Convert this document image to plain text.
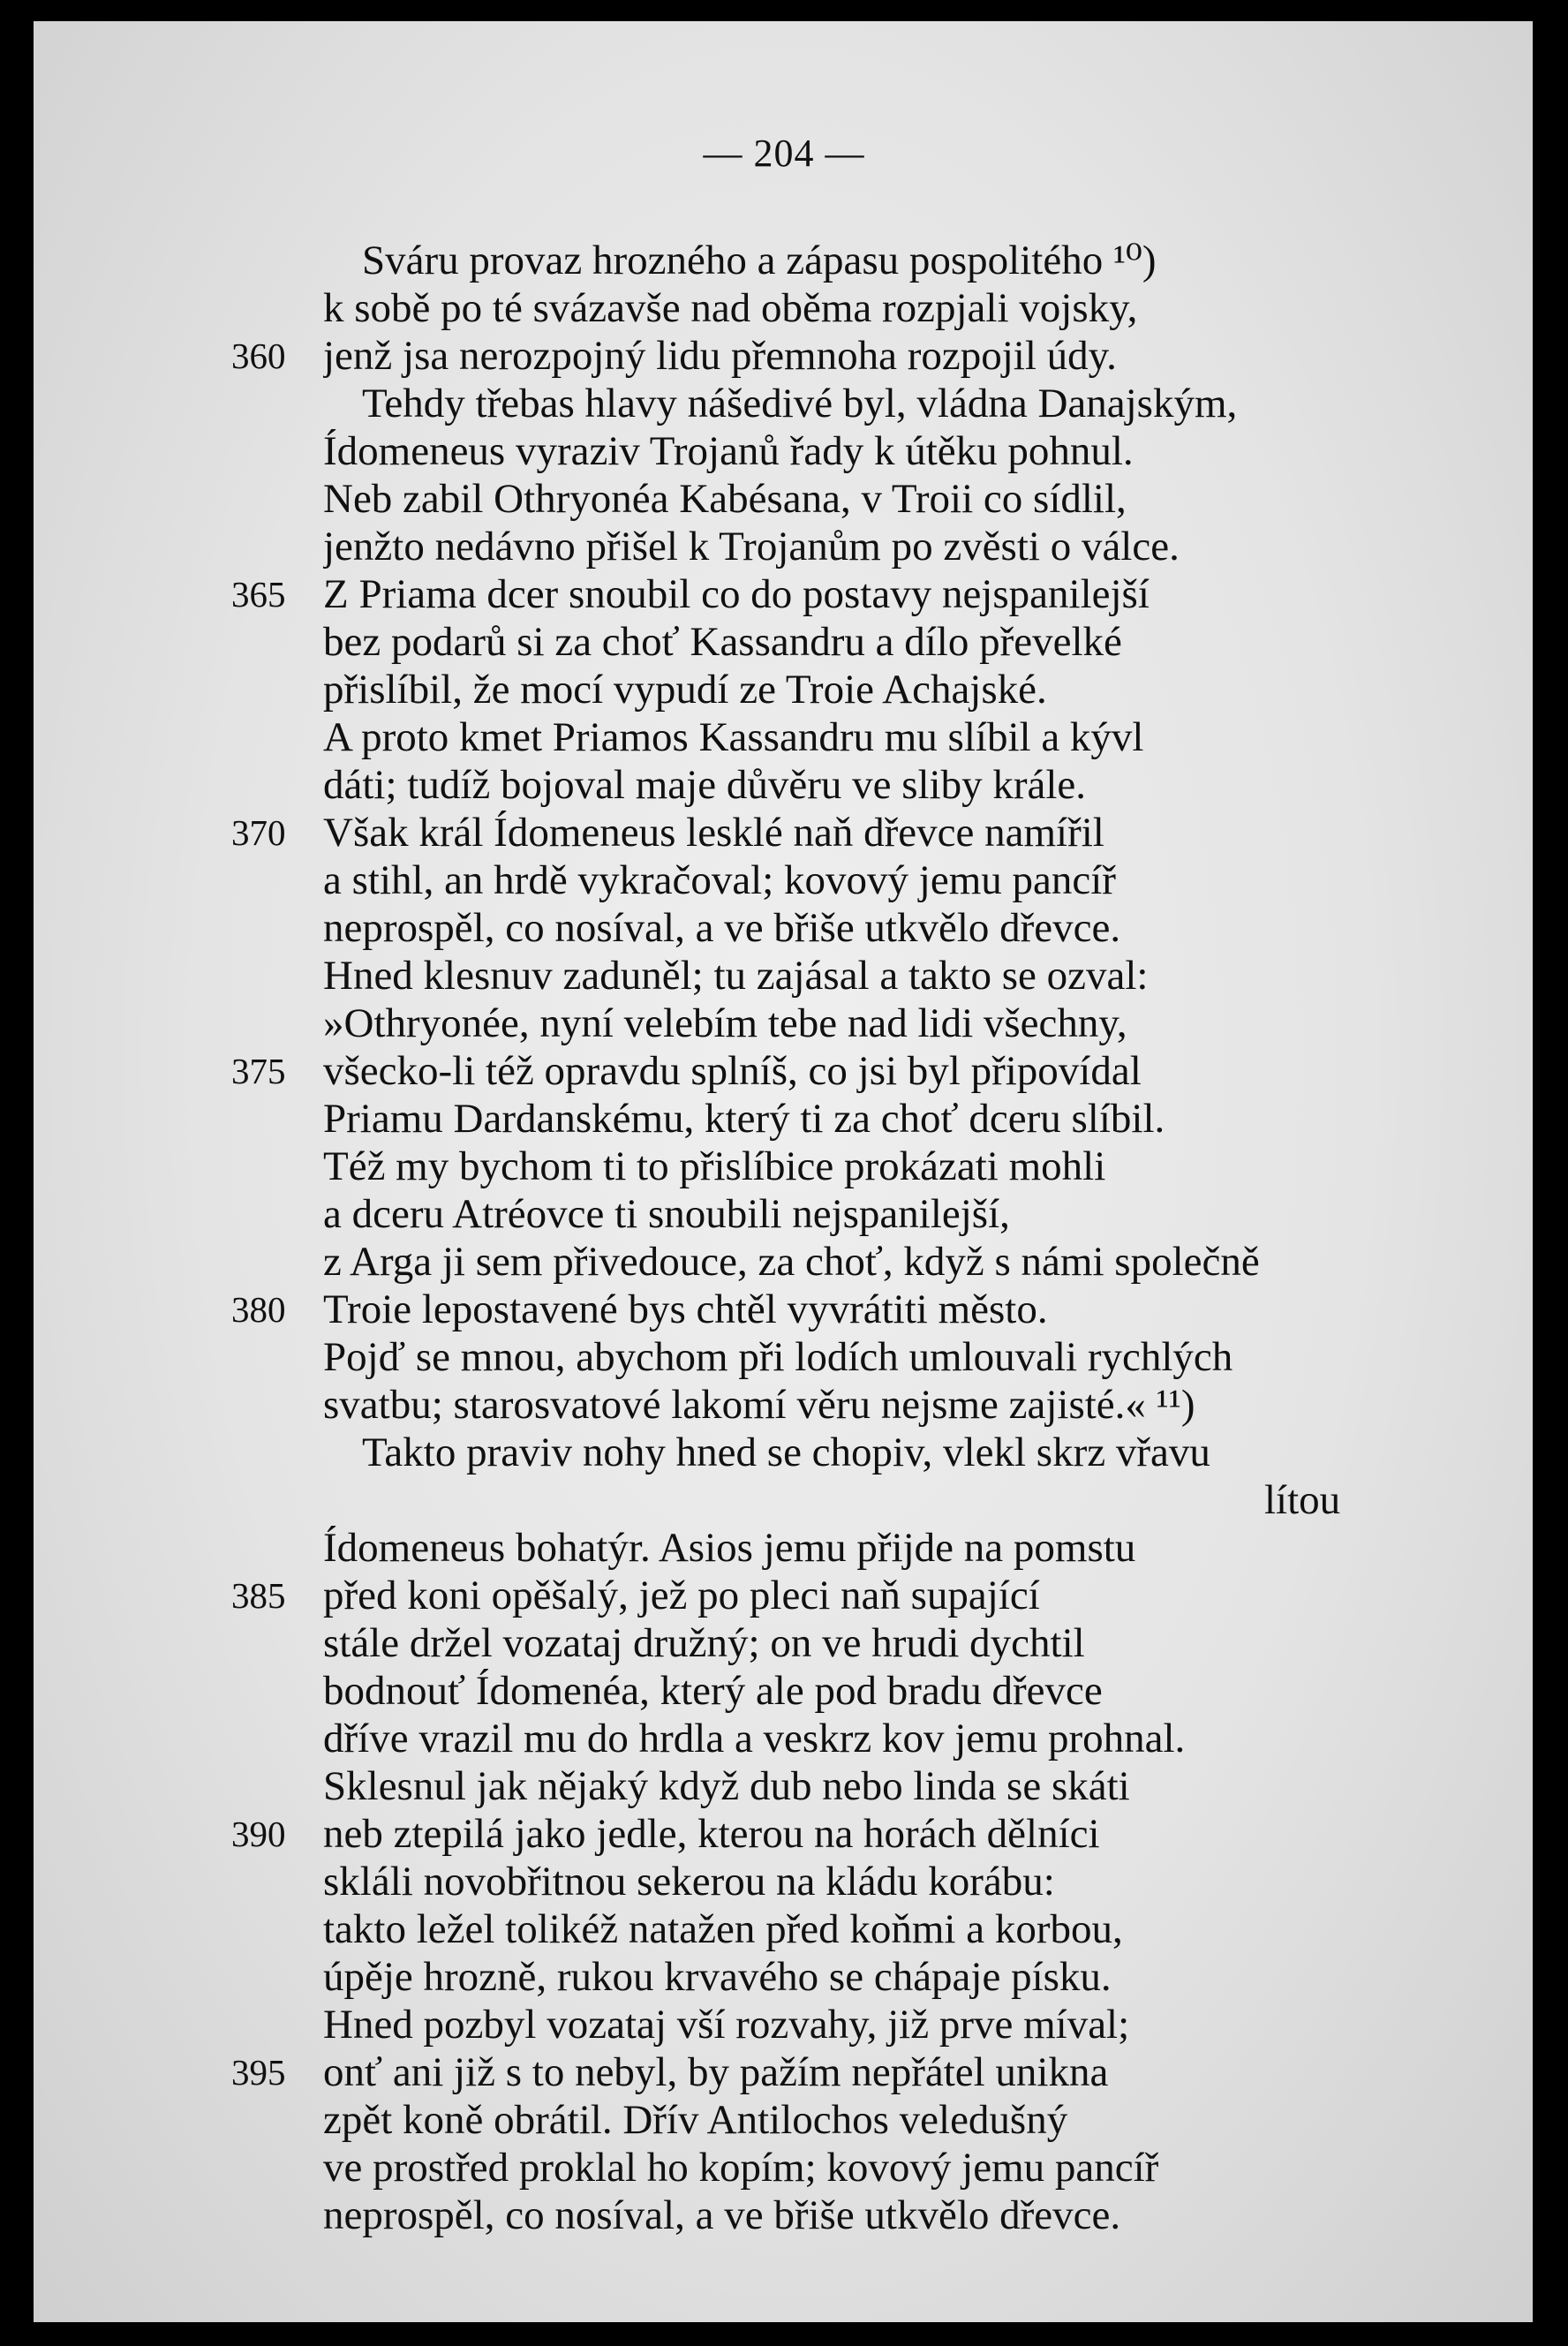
— 204 —
Sváru provaz hrozného a zápasu pospolitého ¹⁰)
k sobě po té svázavše nad oběma rozpjali vojsky,
360 jenž jsa nerozpojný lidu přemnoha rozpojil údy.
Tehdy třebas hlavy nášedivé byl, vládna Danajským,
Ídomeneus vyraziv Trojanů řady k útěku pohnul.
Neb zabil Othryonéa Kabésana, v Troii co sídlil,
jenžto nedávno přišel k Trojanům po zvěsti o válce.
365 Z Priama dcer snoubil co do postavy nejspanilejší
bez podarů si za choť Kassandru a dílo převelké
přislíbil, že mocí vypudí ze Troie Achajské.
A proto kmet Priamos Kassandru mu slíbil a kývl
dáti; tudíž bojoval maje důvěru ve sliby krále.
370 Však král Ídomeneus lesklé naň dřevce namířil
a stihl, an hrdě vykračoval; kovový jemu pancíř
neprospěl, co nosíval, a ve břiše utkvělo dřevce.
Hned klesnuv zaduněl; tu zajásal a takto se ozval:
»Othryonée, nyní velebím tebe nad lidi všechny,
375 všecko-li též opravdu splníš, co jsi byl připovídal
Priamu Dardanskému, který ti za choť dceru slíbil.
Též my bychom ti to přislíbice prokázati mohli
a dceru Atréovce ti snoubili nejspanilejší,
z Arga ji sem přivedouce, za choť, když s námi společně
380 Troie lepostavené bys chtěl vyvrátiti město.
Pojď se mnou, abychom při lodích umlouvali rychlých
svatbu; starosvatové lakomí věru nejsme zajisté.« ¹¹)
Takto praviv nohy hned se chopiv, vlekl skrz vřavu
lítou
Ídomeneus bohatýr. Asios jemu přijde na pomstu
385 před koni opěšalý, jež po pleci naň supající
stále držel vozataj družný; on ve hrudi dychtil
bodnouť Ídomenéa, který ale pod bradu dřevce
dříve vrazil mu do hrdla a veskrz kov jemu prohnal.
Sklesnul jak nějaký když dub nebo linda se skáti
390 neb ztepilá jako jedle, kterou na horách dělníci
skláli novobřitnou sekerou na kládu korábu:
takto ležel tolikéž natažen před koňmi a korbou,
úpěje hrozně, rukou krvavého se chápaje písku.
Hned pozbyl vozataj vší rozvahy, již prve míval;
395 onť ani již s to nebyl, by pažím nepřátel unikna
zpět koně obrátil. Dřív Antilochos veledušný
ve prostřed proklal ho kopím; kovový jemu pancíř
neprospěl, co nosíval, a ve břiše utkvělo dřevce.
